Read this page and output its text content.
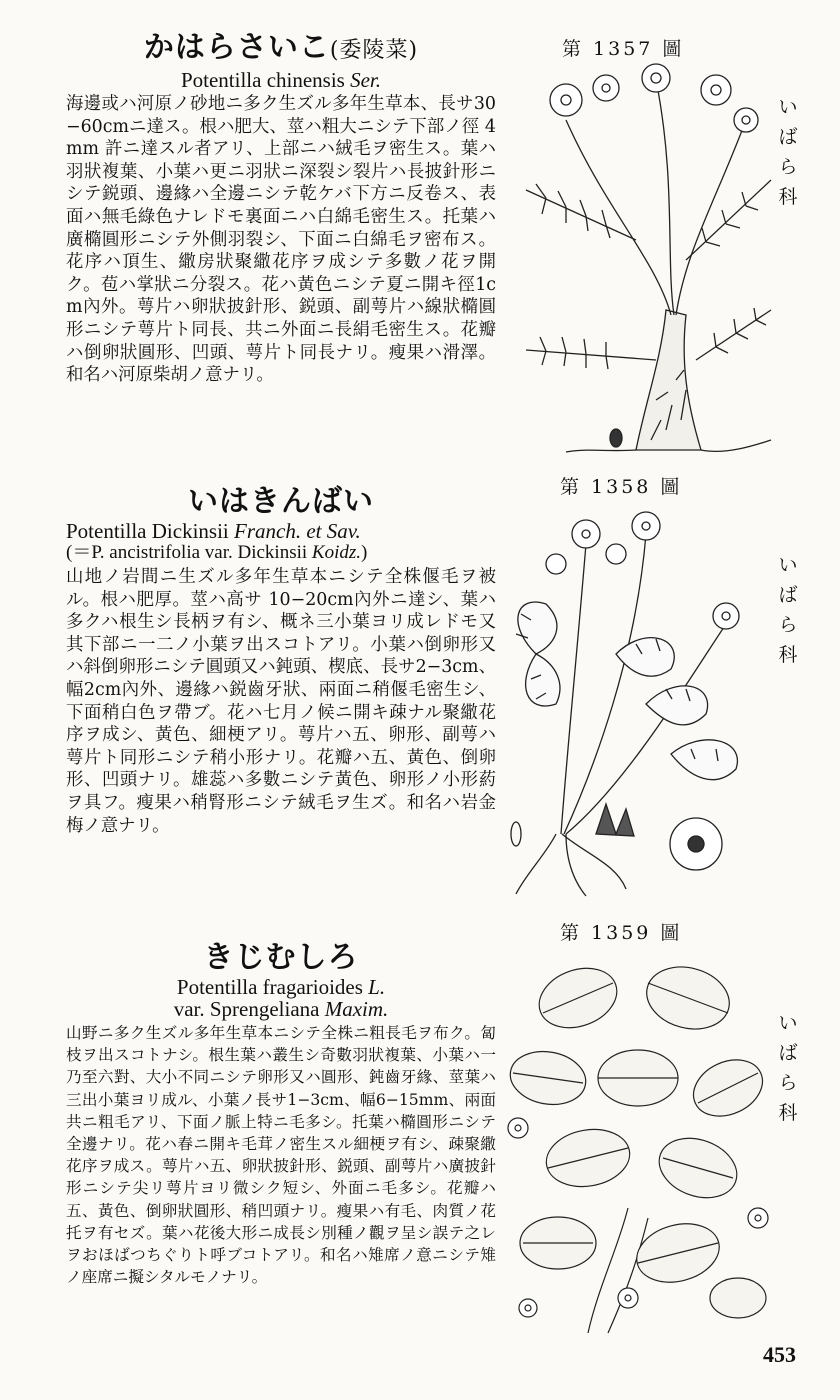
かはらさいこ(委陵菜)
Potentilla chinensis Ser.
海邊或ハ河原ノ砂地ニ多ク生ズル多年生草本、長サ30−60cmニ達ス。根ハ肥大、莖ハ粗大ニシテ下部ノ徑 4mm 許ニ達スル者アリ、上部ニハ絨毛ヲ密生ス。葉ハ羽狀複葉、小葉ハ更ニ羽狀ニ深裂シ裂片ハ長披針形ニシテ鋭頭、邊緣ハ全邊ニシテ乾ケバ下方ニ反卷ス、表面ハ無毛綠色ナレドモ裏面ニハ白綿毛密生ス。托葉ハ廣橢圓形ニシテ外側羽裂シ、下面ニ白綿毛ヲ密布ス。花序ハ頂生、繖房狀聚繖花序ヲ成シテ多數ノ花ヲ開ク。苞ハ掌狀ニ分裂ス。花ハ黃色ニシテ夏ニ開キ徑1cm內外。萼片ハ卵狀披針形、鋭頭、副萼片ハ線狀橢圓形ニシテ萼片ト同長、共ニ外面ニ長絹毛密生ス。花瓣ハ倒卵狀圓形、凹頭、萼片ト同長ナリ。瘦果ハ滑澤。和名ハ河原柴胡ノ意ナリ。
いはきんばい
Potentilla Dickinsii Franch. et Sav.
(＝P. ancistrifolia var. Dickinsii Koidz.)
山地ノ岩間ニ生ズル多年生草本ニシテ全株偃毛ヲ被ル。根ハ肥厚。莖ハ高サ 10−20cm內外ニ達シ、葉ハ多クハ根生シ長柄ヲ有シ、概ネ三小葉ヨリ成レドモ又其下部ニ一二ノ小葉ヲ出スコトアリ。小葉ハ倒卵形又ハ斜倒卵形ニシテ圓頭又ハ鈍頭、楔底、長サ2−3cm、幅2cm內外、邊緣ハ鋭齒牙狀、兩面ニ稍偃毛密生シ、下面稍白色ヲ帶ブ。花ハ七月ノ候ニ開キ疎ナル聚繖花序ヲ成シ、黃色、細梗アリ。萼片ハ五、卵形、副萼ハ萼片ト同形ニシテ稍小形ナリ。花瓣ハ五、黃色、倒卵形、凹頭ナリ。雄蕊ハ多數ニシテ黃色、卵形ノ小形葯ヲ具フ。瘦果ハ稍腎形ニシテ絨毛ヲ生ズ。和名ハ岩金梅ノ意ナリ。
きじむしろ
Potentilla fragarioides L.
var. Sprengeliana Maxim.
山野ニ多ク生ズル多年生草本ニシテ全株ニ粗長毛ヲ布ク。匐枝ヲ出スコトナシ。根生葉ハ叢生シ奇數羽狀複葉、小葉ハ一乃至六對、大小不同ニシテ卵形又ハ圓形、鈍齒牙緣、莖葉ハ三出小葉ヨリ成ル、小葉ノ長サ1−3cm、幅6−15mm、兩面共ニ粗毛アリ、下面ノ脈上特ニ毛多シ。托葉ハ橢圓形ニシテ全邊ナリ。花ハ春ニ開キ毛茸ノ密生スル細梗ヲ有シ、疎聚繖花序ヲ成ス。萼片ハ五、卵狀披針形、鋭頭、副萼片ハ廣披針形ニシテ尖リ萼片ヨリ微シク短シ、外面ニ毛多シ。花瓣ハ五、黃色、倒卵狀圓形、稍凹頭ナリ。瘦果ハ有毛、肉質ノ花托ヲ有セズ。葉ハ花後大形ニ成長シ別種ノ觀ヲ呈シ誤テ之レヲおほばつちぐりト呼ブコトアリ。和名ハ雉席ノ意ニシテ雉ノ座席ニ擬シタルモノナリ。
第 1357 圖
いばら科
第 1358 圖
いばら科
第 1359 圖
いばら科
453
